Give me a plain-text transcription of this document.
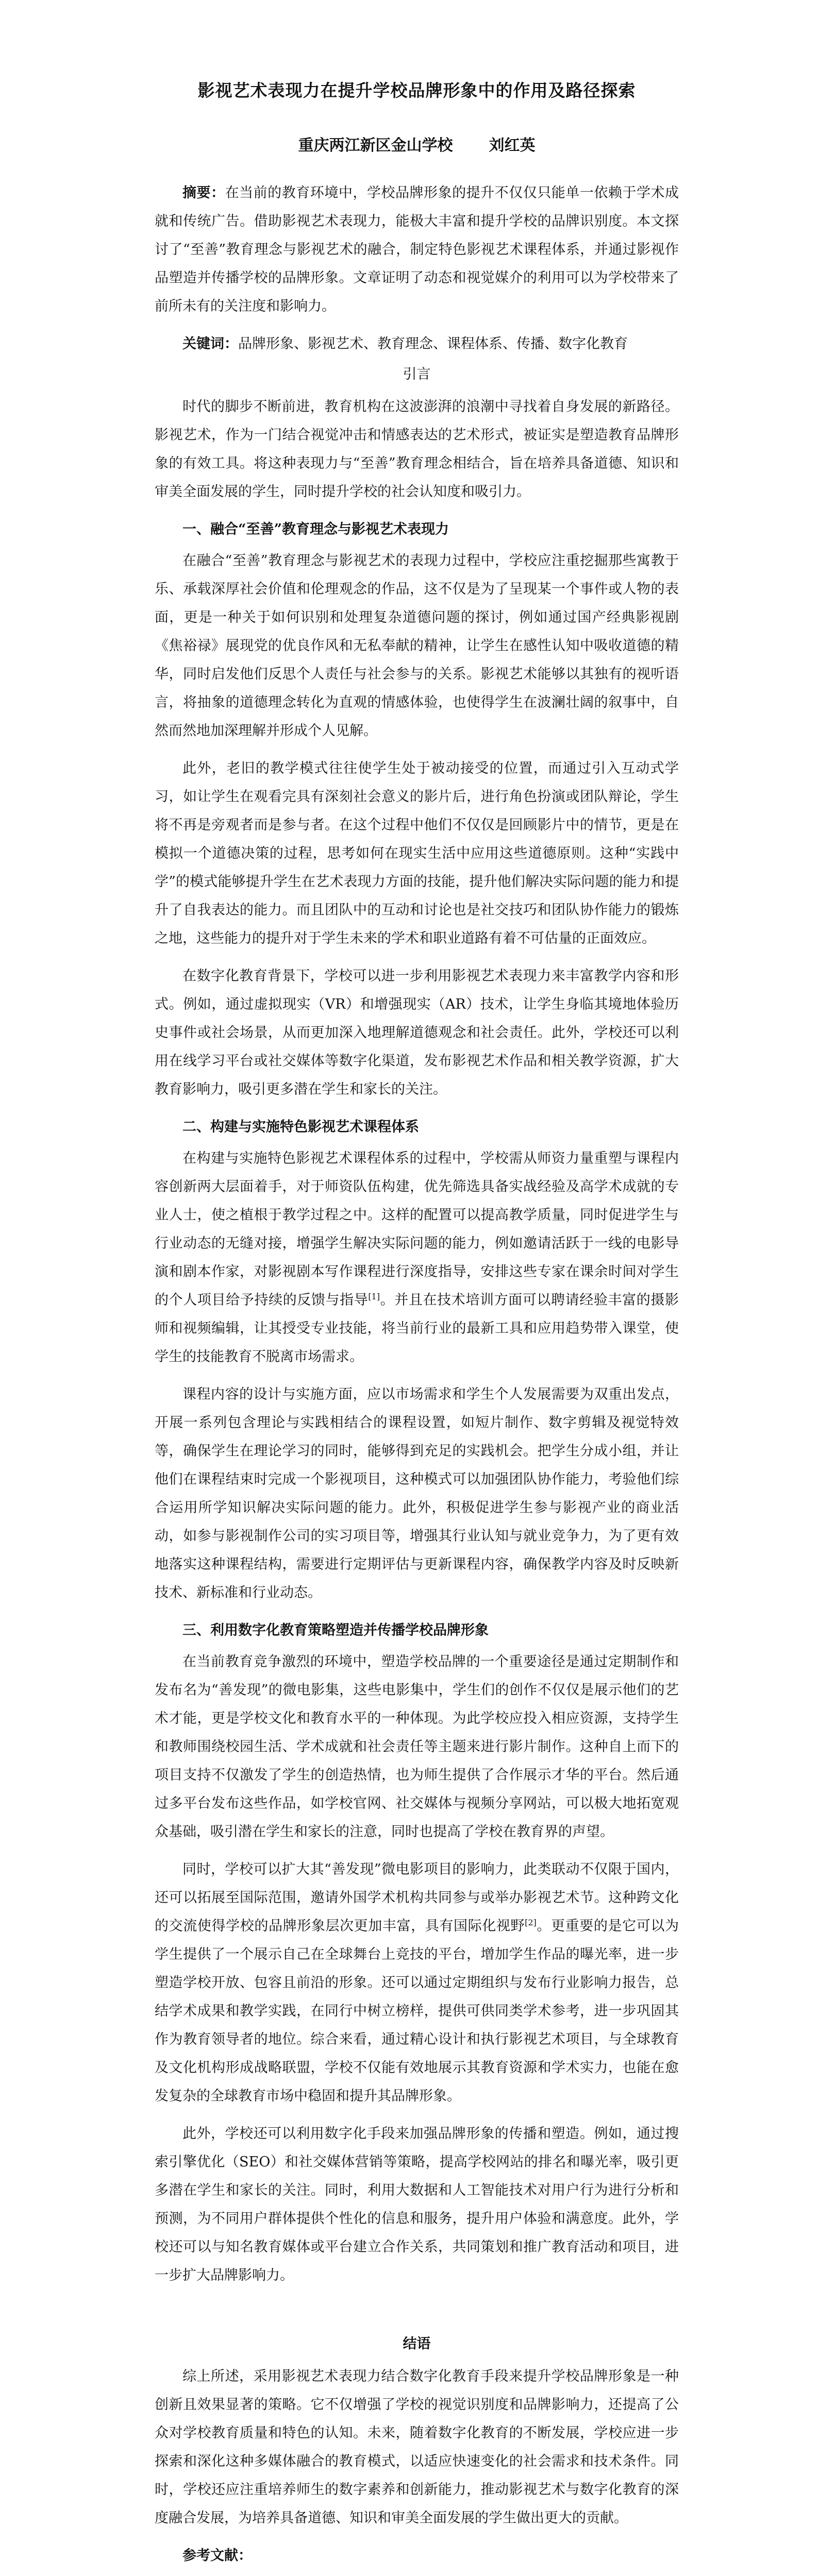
影视艺术表现力在提升学校品牌形象中的作用及路径探索
重庆两江新区金山学校 刘红英

摘要：在当前的教育环境中，学校品牌形象的提升不仅仅只能单一依赖于学术成就和传统广告。借助影视艺术表现力，能极大丰富和提升学校的品牌识别度。本文探讨了“至善”教育理念与影视艺术的融合，制定特色影视艺术课程体系，并通过影视作品塑造并传播学校的品牌形象。文章证明了动态和视觉媒介的利用可以为学校带来了前所未有的关注度和影响力。

关键词：品牌形象、影视艺术、教育理念、课程体系、传播、数字化教育

引言

时代的脚步不断前进，教育机构在这波澎湃的浪潮中寻找着自身发展的新路径。影视艺术，作为一门结合视觉冲击和情感表达的艺术形式，被证实是塑造教育品牌形象的有效工具。将这种表现力与“至善”教育理念相结合，旨在培养具备道德、知识和审美全面发展的学生，同时提升学校的社会认知度和吸引力。

一、融合“至善”教育理念与影视艺术表现力

在融合“至善”教育理念与影视艺术的表现力过程中，学校应注重挖掘那些寓教于乐、承载深厚社会价值和伦理观念的作品，这不仅是为了呈现某一个事件或人物的表面，更是一种关于如何识别和处理复杂道德问题的探讨，例如通过国产经典影视剧《焦裕禄》展现党的优良作风和无私奉献的精神，让学生在感性认知中吸收道德的精华，同时启发他们反思个人责任与社会参与的关系。影视艺术能够以其独有的视听语言，将抽象的道德理念转化为直观的情感体验，也使得学生在波澜壮阔的叙事中，自然而然地加深理解并形成个人见解。

此外，老旧的教学模式往往使学生处于被动接受的位置，而通过引入互动式学习，如让学生在观看完具有深刻社会意义的影片后，进行角色扮演或团队辩论，学生将不再是旁观者而是参与者。在这个过程中他们不仅仅是回顾影片中的情节，更是在模拟一个道德决策的过程，思考如何在现实生活中应用这些道德原则。这种“实践中学”的模式能够提升学生在艺术表现力方面的技能，提升他们解决实际问题的能力和提升了自我表达的能力。而且团队中的互动和讨论也是社交技巧和团队协作能力的锻炼之地，这些能力的提升对于学生未来的学术和职业道路有着不可估量的正面效应。

在数字化教育背景下，学校可以进一步利用影视艺术表现力来丰富教学内容和形式。例如，通过虚拟现实（VR）和增强现实（AR）技术，让学生身临其境地体验历史事件或社会场景，从而更加深入地理解道德观念和社会责任。此外，学校还可以利用在线学习平台或社交媒体等数字化渠道，发布影视艺术作品和相关教学资源，扩大教育影响力，吸引更多潜在学生和家长的关注。

二、构建与实施特色影视艺术课程体系

在构建与实施特色影视艺术课程体系的过程中，学校需从师资力量重塑与课程内容创新两大层面着手，对于师资队伍构建，优先筛选具备实战经验及高学术成就的专业人士，使之植根于教学过程之中。这样的配置可以提高教学质量，同时促进学生与行业动态的无缝对接，增强学生解决实际问题的能力，例如邀请活跃于一线的电影导演和剧本作家，对影视剧本写作课程进行深度指导，安排这些专家在课余时间对学生的个人项目给予持续的反馈与指导[1]。并且在技术培训方面可以聘请经验丰富的摄影师和视频编辑，让其授受专业技能，将当前行业的最新工具和应用趋势带入课堂，使学生的技能教育不脱离市场需求。

课程内容的设计与实施方面，应以市场需求和学生个人发展需要为双重出发点，开展一系列包含理论与实践相结合的课程设置，如短片制作、数字剪辑及视觉特效等，确保学生在理论学习的同时，能够得到充足的实践机会。把学生分成小组，并让他们在课程结束时完成一个影视项目，这种模式可以加强团队协作能力，考验他们综合运用所学知识解决实际问题的能力。此外，积极促进学生参与影视产业的商业活动，如参与影视制作公司的实习项目等，增强其行业认知与就业竞争力，为了更有效地落实这种课程结构，需要进行定期评估与更新课程内容，确保教学内容及时反映新技术、新标准和行业动态。

三、利用数字化教育策略塑造并传播学校品牌形象

在当前教育竞争激烈的环境中，塑造学校品牌的一个重要途径是通过定期制作和发布名为“善发现”的微电影集，这些电影集中，学生们的创作不仅仅是展示他们的艺术才能，更是学校文化和教育水平的一种体现。为此学校应投入相应资源，支持学生和教师围绕校园生活、学术成就和社会责任等主题来进行影片制作。这种自上而下的项目支持不仅激发了学生的创造热情，也为师生提供了合作展示才华的平台。然后通过多平台发布这些作品，如学校官网、社交媒体与视频分享网站，可以极大地拓宽观众基础，吸引潜在学生和家长的注意，同时也提高了学校在教育界的声望。

同时，学校可以扩大其“善发现”微电影项目的影响力，此类联动不仅限于国内，还可以拓展至国际范围，邀请外国学术机构共同参与或举办影视艺术节。这种跨文化的交流使得学校的品牌形象层次更加丰富，具有国际化视野[2]。更重要的是它可以为学生提供了一个展示自己在全球舞台上竞技的平台，增加学生作品的曝光率，进一步塑造学校开放、包容且前沿的形象。还可以通过定期组织与发布行业影响力报告，总结学术成果和教学实践，在同行中树立榜样，提供可供同类学术参考，进一步巩固其作为教育领导者的地位。综合来看，通过精心设计和执行影视艺术项目，与全球教育及文化机构形成战略联盟，学校不仅能有效地展示其教育资源和学术实力，也能在愈发复杂的全球教育市场中稳固和提升其品牌形象。

此外，学校还可以利用数字化手段来加强品牌形象的传播和塑造。例如，通过搜索引擎优化（SEO）和社交媒体营销等策略，提高学校网站的排名和曝光率，吸引更多潜在学生和家长的关注。同时，利用大数据和人工智能技术对用户行为进行分析和预测，为不同用户群体提供个性化的信息和服务，提升用户体验和满意度。此外，学校还可以与知名教育媒体或平台建立合作关系，共同策划和推广教育活动和项目，进一步扩大品牌影响力。

结语

综上所述，采用影视艺术表现力结合数字化教育手段来提升学校品牌形象是一种创新且效果显著的策略。它不仅增强了学校的视觉识别度和品牌影响力，还提高了公众对学校教育质量和特色的认知。未来，随着数字化教育的不断发展，学校应进一步探索和深化这种多媒体融合的教育模式，以适应快速变化的社会需求和技术条件。同时，学校还应注重培养师生的数字素养和创新能力，推动影视艺术与数字化教育的深度融合发展，为培养具备道德、知识和审美全面发展的学生做出更大的贡献。

参考文献：
